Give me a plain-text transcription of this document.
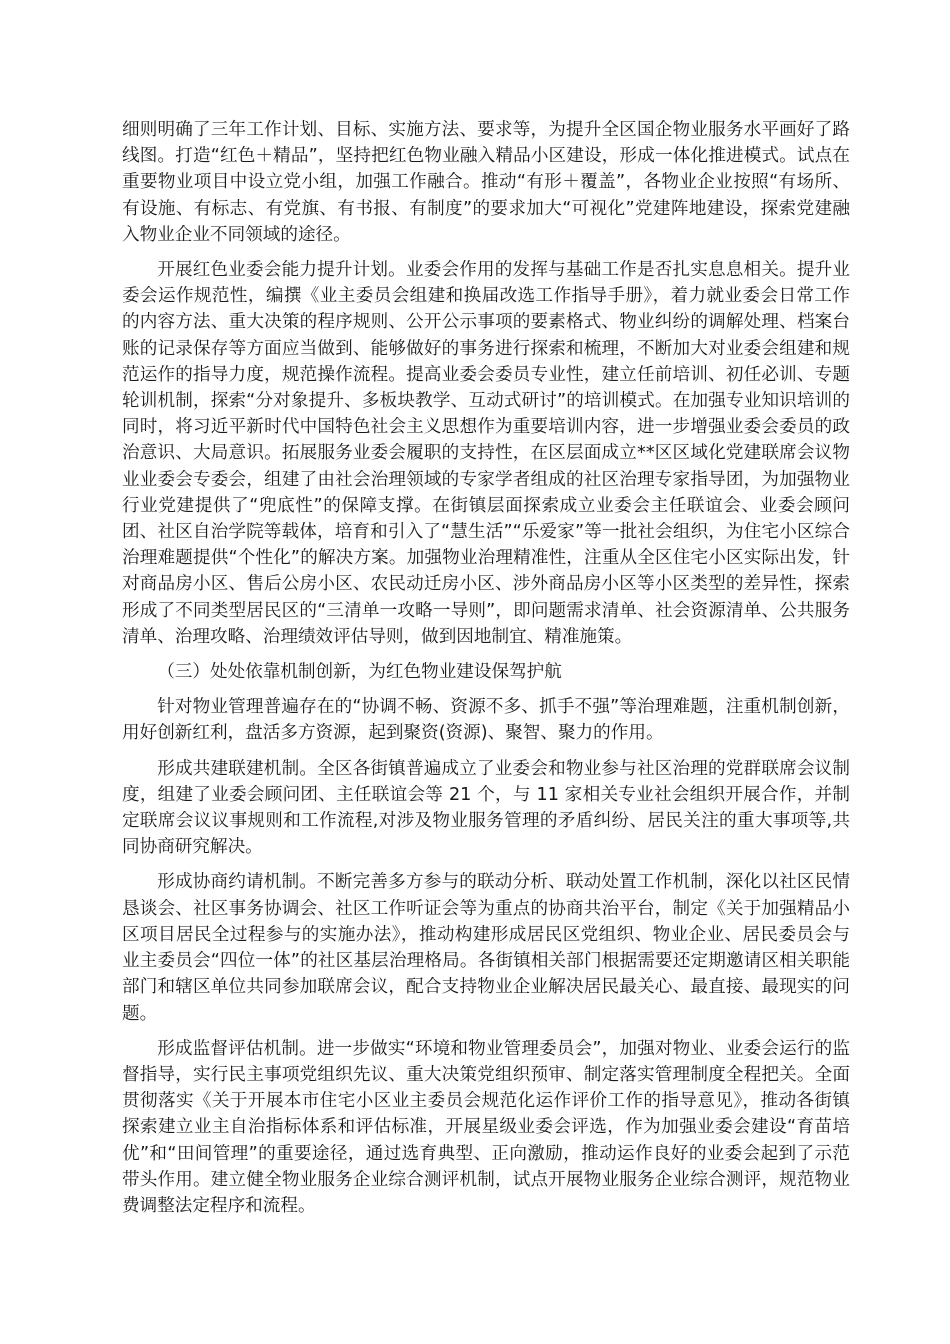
细则明确了三年工作计划、目标、实施方法、要求等，为提升全区国企物业服务水平画好了路线图。打造“红色＋精品”，坚持把红色物业融入精品小区建设，形成一体化推进模式。试点在重要物业项目中设立党小组，加强工作融合。推动“有形＋覆盖”，各物业企业按照“有场所、有设施、有标志、有党旗、有书报、有制度”的要求加大“可视化”党建阵地建设，探索党建融入物业企业不同领域的途径。

开展红色业委会能力提升计划。业委会作用的发挥与基础工作是否扎实息息相关。提升业委会运作规范性，编撰《业主委员会组建和换届改选工作指导手册》，着力就业委会日常工作的内容方法、重大决策的程序规则、公开公示事项的要素格式、物业纠纷的调解处理、档案台账的记录保存等方面应当做到、能够做好的事务进行探索和梳理，不断加大对业委会组建和规范运作的指导力度，规范操作流程。提高业委会委员专业性，建立任前培训、初任必训、专题轮训机制，探索“分对象提升、多板块教学、互动式研讨”的培训模式。在加强专业知识培训的同时，将习近平新时代中国特色社会主义思想作为重要培训内容，进一步增强业委会委员的政治意识、大局意识。拓展服务业委会履职的支持性，在区层面成立**区区域化党建联席会议物业业委会专委会，组建了由社会治理领域的专家学者组成的社区治理专家指导团，为加强物业行业党建提供了“兜底性”的保障支撑。在街镇层面探索成立业委会主任联谊会、业委会顾问团、社区自治学院等载体，培育和引入了“慧生活”“乐爱家”等一批社会组织，为住宅小区综合治理难题提供“个性化”的解决方案。加强物业治理精准性，注重从全区住宅小区实际出发，针对商品房小区、售后公房小区、农民动迁房小区、涉外商品房小区等小区类型的差异性，探索形成了不同类型居民区的“三清单一攻略一导则”，即问题需求清单、社会资源清单、公共服务清单、治理攻略、治理绩效评估导则，做到因地制宜、精准施策。

（三）处处依靠机制创新，为红色物业建设保驾护航

针对物业管理普遍存在的“协调不畅、资源不多、抓手不强”等治理难题，注重机制创新，用好创新红利，盘活多方资源，起到聚资(资源)、聚智、聚力的作用。

形成共建联建机制。全区各街镇普遍成立了业委会和物业参与社区治理的党群联席会议制度，组建了业委会顾问团、主任联谊会等 21 个，与 11 家相关专业社会组织开展合作，并制定联席会议议事规则和工作流程,对涉及物业服务管理的矛盾纠纷、居民关注的重大事项等,共同协商研究解决。

形成协商约请机制。不断完善多方参与的联动分析、联动处置工作机制，深化以社区民情恳谈会、社区事务协调会、社区工作听证会等为重点的协商共治平台，制定《关于加强精品小区项目居民全过程参与的实施办法》，推动构建形成居民区党组织、物业企业、居民委员会与业主委员会“四位一体”的社区基层治理格局。各街镇相关部门根据需要还定期邀请区相关职能部门和辖区单位共同参加联席会议，配合支持物业企业解决居民最关心、最直接、最现实的问题。

形成监督评估机制。进一步做实“环境和物业管理委员会”，加强对物业、业委会运行的监督指导，实行民主事项党组织先议、重大决策党组织预审、制定落实管理制度全程把关。全面贯彻落实《关于开展本市住宅小区业主委员会规范化运作评价工作的指导意见》，推动各街镇探索建立业主自治指标体系和评估标准，开展星级业委会评选，作为加强业委会建设“育苗培优”和“田间管理”的重要途径，通过选育典型、正向激励，推动运作良好的业委会起到了示范带头作用。建立健全物业服务企业综合测评机制，试点开展物业服务企业综合测评，规范物业费调整法定程序和流程。
